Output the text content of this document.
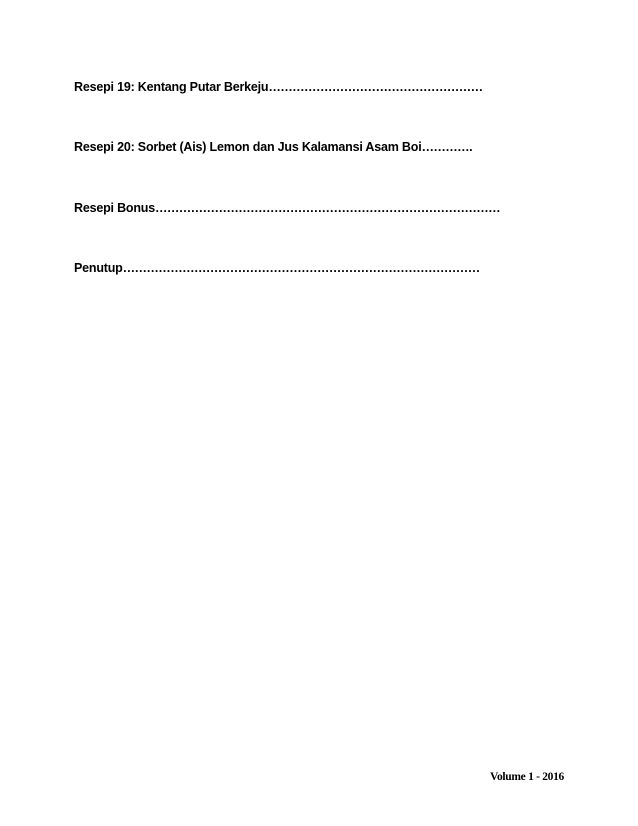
Resepi 19: Kentang Putar Berkeju………………………………………………
Resepi 20: Sorbet (Ais) Lemon dan Jus Kalamansi Asam Boi………….
Resepi Bonus……………………………………………………………………………
Penutup………………………………………………………………………………
Volume 1 - 2016
